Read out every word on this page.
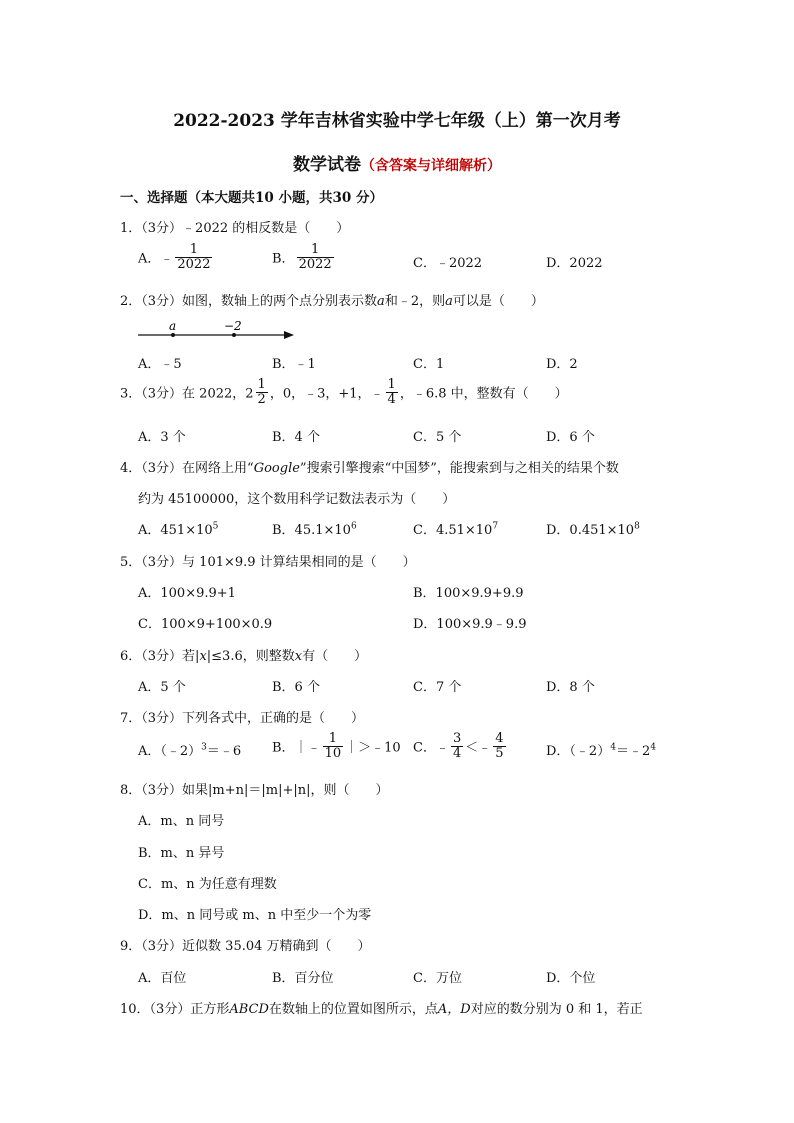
2022-2023 学年吉林省实验中学七年级（上）第一次月考
数学试卷（含答案与详细解析）
一、选择题（本大题共10 小题，共30 分）
1．（3分）﹣2022 的相反数是（　　）
A．﹣ $\frac{1}{2022}$	B． $\frac{1}{2022}$	C．﹣2022	D．2022
2．（3分）如图，数轴上的两个点分别表示数a和﹣2，则a可以是（　　）
a	−2
A．﹣5	B．﹣1	C．1	D．2
3．（3分）在 2022，$2 \frac{1}{2}$ ，0，﹣3，+1，﹣ $\frac{1}{4}$ ，﹣6.8 中，整数有（　　）
A．3 个	B．4 个	C．5 个	D．6 个
4．（3分）在网络上用“Google”搜索引擎搜索“中国梦”，能搜索到与之相关的结果个数
约为 45100000，这个数用科学记数法表示为（　　）
A．$451\times 10^5$	B．$45.1\times 10^6$	C．$4.51\times 10^7$	D．$0.451\times 10^8$
5．（3分）与 101×9.9 计算结果相同的是（　　）
A．100×9.9+1	B．100×9.9+9.9
C．100×9+100×0.9	D．100×9.9﹣9.9
6．（3分）若|x|≤3.6，则整数x有（　　）
A．5 个	B．6 个	C．7 个	D．8 个
7．（3分）下列各式中，正确的是（　　）
A．（﹣2）$^3$＝﹣6 B．｜﹣ $\frac{1}{10}$ ｜＞﹣10 C．﹣ $\frac{3}{4}$ ＜﹣ $\frac{4}{5}$	D．$(﹣2)^4=﹣2^4$
8．（3分）如果|m+n|＝|m|+|n|，则（　　）
A．m、n 同号
B．m、n 异号
C．m、n 为任意有理数
D．m、n 同号或 m、n 中至少一个为零
9．（3分）近似数 35.04 万精确到（　　）
A．百位	B．百分位	C．万位	D．个位
10．（3分）正方形ABCD在数轴上的位置如图所示，点A，D对应的数分别为 0 和 1，若正
